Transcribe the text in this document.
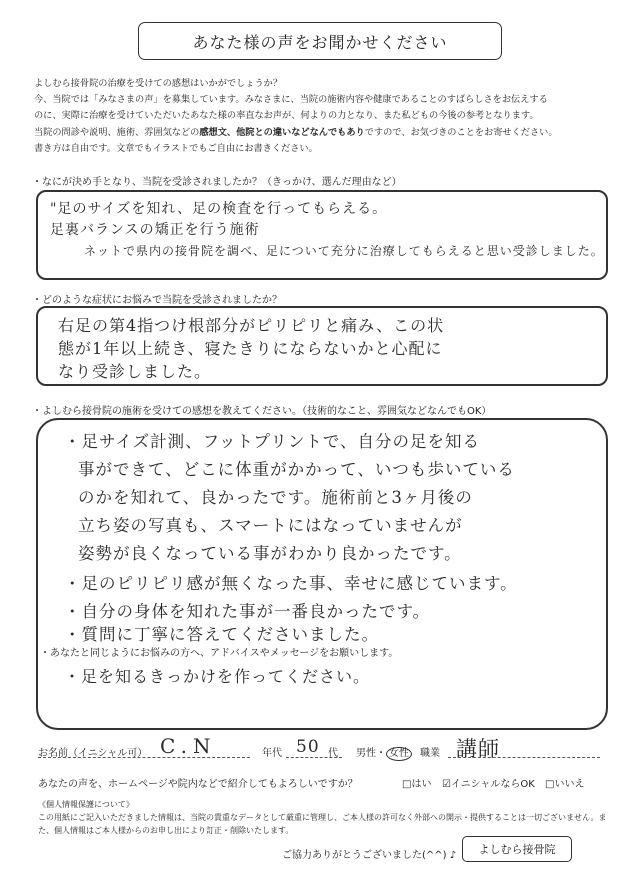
あなた様の声をお聞かせください
よしむら接骨院の治療を受けての感想はいかがでしょうか？
今、当院では「みなさまの声」を募集しています。みなさまに、当院の施術内容や健康であることのすばらしさをお伝えする
のに、実際に治療を受けていただいたあなた様の率直なお声が、何よりの力となり、また私どもの今後の参考となります。
当院の問診や説明、施術、雰囲気などの感想文、他院との違いなどなんでもありですので、お気づきのことをお寄せください。
書き方は自由です。文章でもイラストでもご自由にお書きください。
・なにが決め手となり、当院を受診されましたか？（きっかけ、選んだ理由など）
"足のサイズを知れ、足の検査を行ってもらえる。
足裏バランスの矯正を行う施術
ネットで県内の接骨院を調べ、足について充分に治療してもらえると思い受診しました。
・どのような症状にお悩みで当院を受診されましたか？
右足の第4指つけ根部分がピリピリと痛み、この状
態が1年以上続き、寝たきりにならないかと心配に
なり受診しました。
・よしむら接骨院の施術を受けての感想を教えてください。（技術的なこと、雰囲気などなんでもOK）
・足サイズ計測、フットプリントで、自分の足を知る
事ができて、どこに体重がかかって、いつも歩いている
のかを知れて、良かったです。施術前と3ヶ月後の
立ち姿の写真も、スマートにはなっていませんが
姿勢が良くなっている事がわかり良かったです。
・足のピリピリ感が無くなった事、幸せに感じています。
・自分の身体を知れた事が一番良かったです。
・質問に丁寧に答えてくださいました。
・あなたと同じようにお悩みの方へ、アドバイスやメッセージをお願いします。
・足を知るきっかけを作ってください。
お名前（イニシャル可） C.N	年代 50 代 男性・ 女性	職業 講師
あなたの声を、ホームページや院内などで紹介してもよろしいですか？	□はい ☑イニシャルならOK □いいえ
《個人情報保護について》
この用紙にご記入いただきました情報は、当院の貴重なデータとして厳重に管理し、ご本人様の許可なく外部への開示・提供することは一切ございません。また、個人情報はご本人様からのお申し出により訂正・削除いたします。
ご協力ありがとうございました(^^) ♪	よしむら接骨院
